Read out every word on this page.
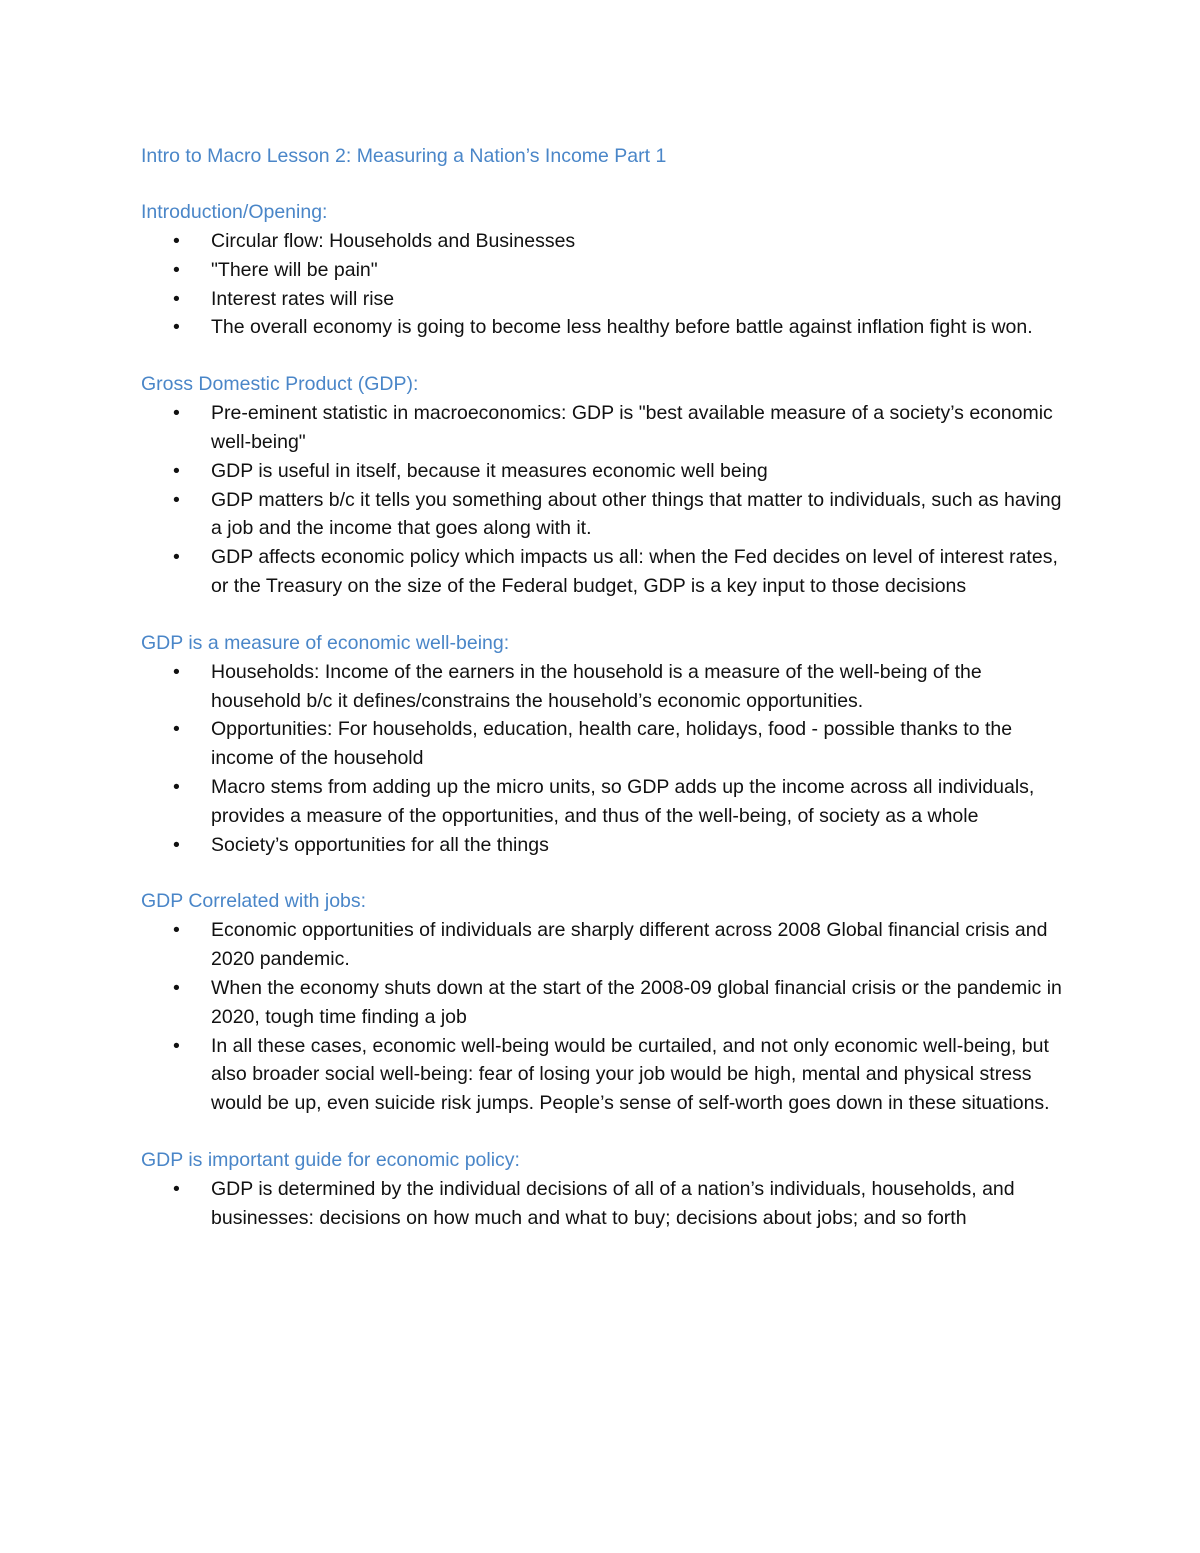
Intro to Macro Lesson 2: Measuring a Nation’s Income Part 1
Introduction/Opening:
• Circular flow: Households and Businesses
• "There will be pain"
• Interest rates will rise
• The overall economy is going to become less healthy before battle against inflation fight is won.
Gross Domestic Product (GDP):
• Pre-eminent statistic in macroeconomics: GDP is "best available measure of a society’s economic well-being"
• GDP is useful in itself, because it measures economic well being
• GDP matters b/c it tells you something about other things that matter to individuals, such as having a job and the income that goes along with it.
• GDP affects economic policy which impacts us all: when the Fed decides on level of interest rates, or the Treasury on the size of the Federal budget, GDP is a key input to those decisions
GDP is a measure of economic well-being:
• Households: Income of the earners in the household is a measure of the well-being of the household b/c it defines/constrains the household’s economic opportunities.
• Opportunities: For households, education, health care, holidays, food - possible thanks to the income of the household
• Macro stems from adding up the micro units, so GDP adds up the income across all individuals, provides a measure of the opportunities, and thus of the well-being, of society as a whole
• Society’s opportunities for all the things
GDP Correlated with jobs:
• Economic opportunities of individuals are sharply different across 2008 Global financial crisis and 2020 pandemic.
• When the economy shuts down at the start of the 2008-09 global financial crisis or the pandemic in 2020, tough time finding a job
• In all these cases, economic well-being would be curtailed, and not only economic well-being, but also broader social well-being: fear of losing your job would be high, mental and physical stress would be up, even suicide risk jumps. People’s sense of self-worth goes down in these situations.
GDP is important guide for economic policy:
• GDP is determined by the individual decisions of all of a nation’s individuals, households, and businesses: decisions on how much and what to buy; decisions about jobs; and so forth
